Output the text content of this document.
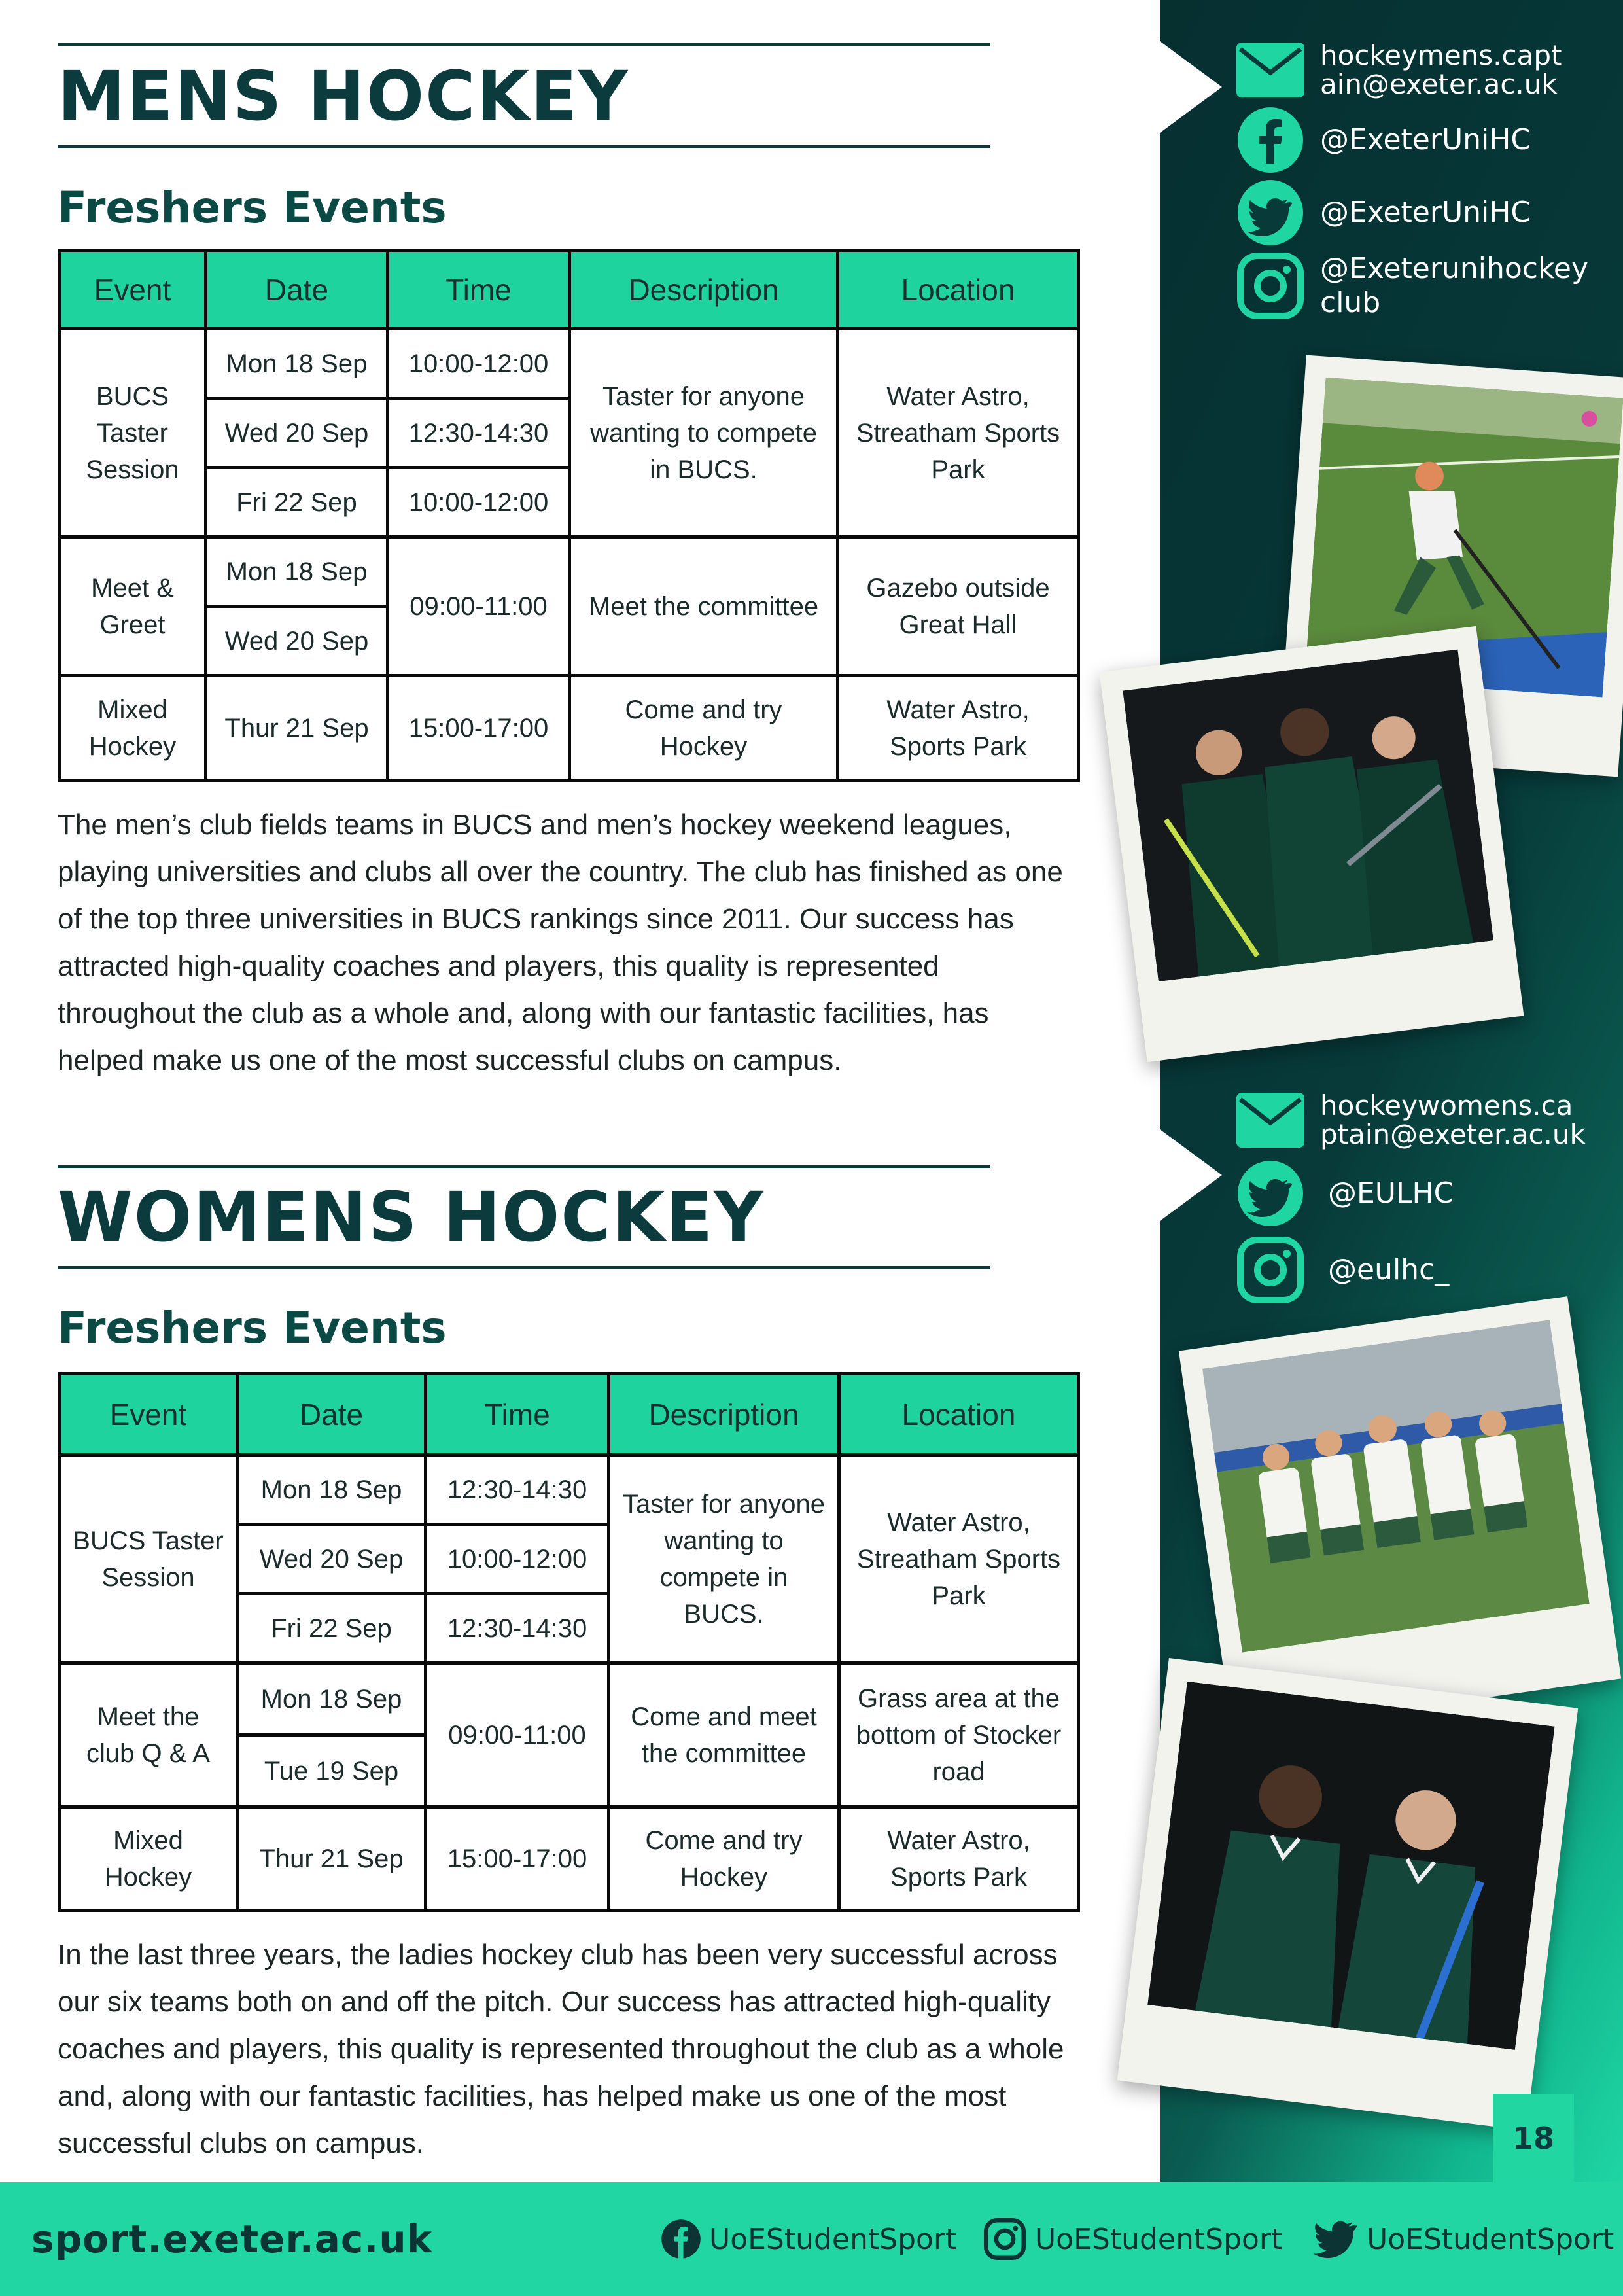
hockeymens.capt
ain@exeter.ac.uk
@ExeterUniHC
@ExeterUniHC
@Exeterunihockey
club
hockeywomens.ca
ptain@exeter.ac.uk
@EULHC
@eulhc_
18
MENS HOCKEY
Freshers Events
Event	Date	Time	Description	Location
BUCS Taster Session	Mon 18 Sep	10:00-12:00	Taster for anyone wanting to compete in BUCS.	Water Astro, Streatham Sports Park
	Wed 20 Sep	12:30-14:30		
	Fri 22 Sep	10:00-12:00		
Meet & Greet	Mon 18 Sep	09:00-11:00	Meet the committee	Gazebo outside Great Hall
	Wed 20 Sep			
Mixed Hockey	Thur 21 Sep	15:00-17:00	Come and try Hockey	Water Astro, Sports Park

The men’s club fields teams in BUCS and men’s hockey weekend leagues, playing universities and clubs all over the country. The club has finished as one of the top three universities in BUCS rankings since 2011. Our success has attracted high-quality coaches and players, this quality is represented throughout the club as a whole and, along with our fantastic facilities, has helped make us one of the most successful clubs on campus.

WOMENS HOCKEY
Freshers Events
Event	Date	Time	Description	Location
BUCS Taster Session	Mon 18 Sep	12:30-14:30	Taster for anyone wanting to compete in BUCS.	Water Astro, Streatham Sports Park
	Wed 20 Sep	10:00-12:00		
	Fri 22 Sep	12:30-14:30		
Meet the club Q & A	Mon 18 Sep	09:00-11:00	Come and meet the committee	Grass area at the bottom of Stocker road
	Tue 19 Sep			
Mixed Hockey	Thur 21 Sep	15:00-17:00	Come and try Hockey	Water Astro, Sports Park

In the last three years, the ladies hockey club has been very successful across our six teams both on and off the pitch. Our success has attracted high-quality coaches and players, this quality is represented throughout the club as a whole and, along with our fantastic facilities, has helped make us one of the most successful clubs on campus.

sport.exeter.ac.uk	UoEStudentSport	UoEStudentSport	UoEStudentSport
